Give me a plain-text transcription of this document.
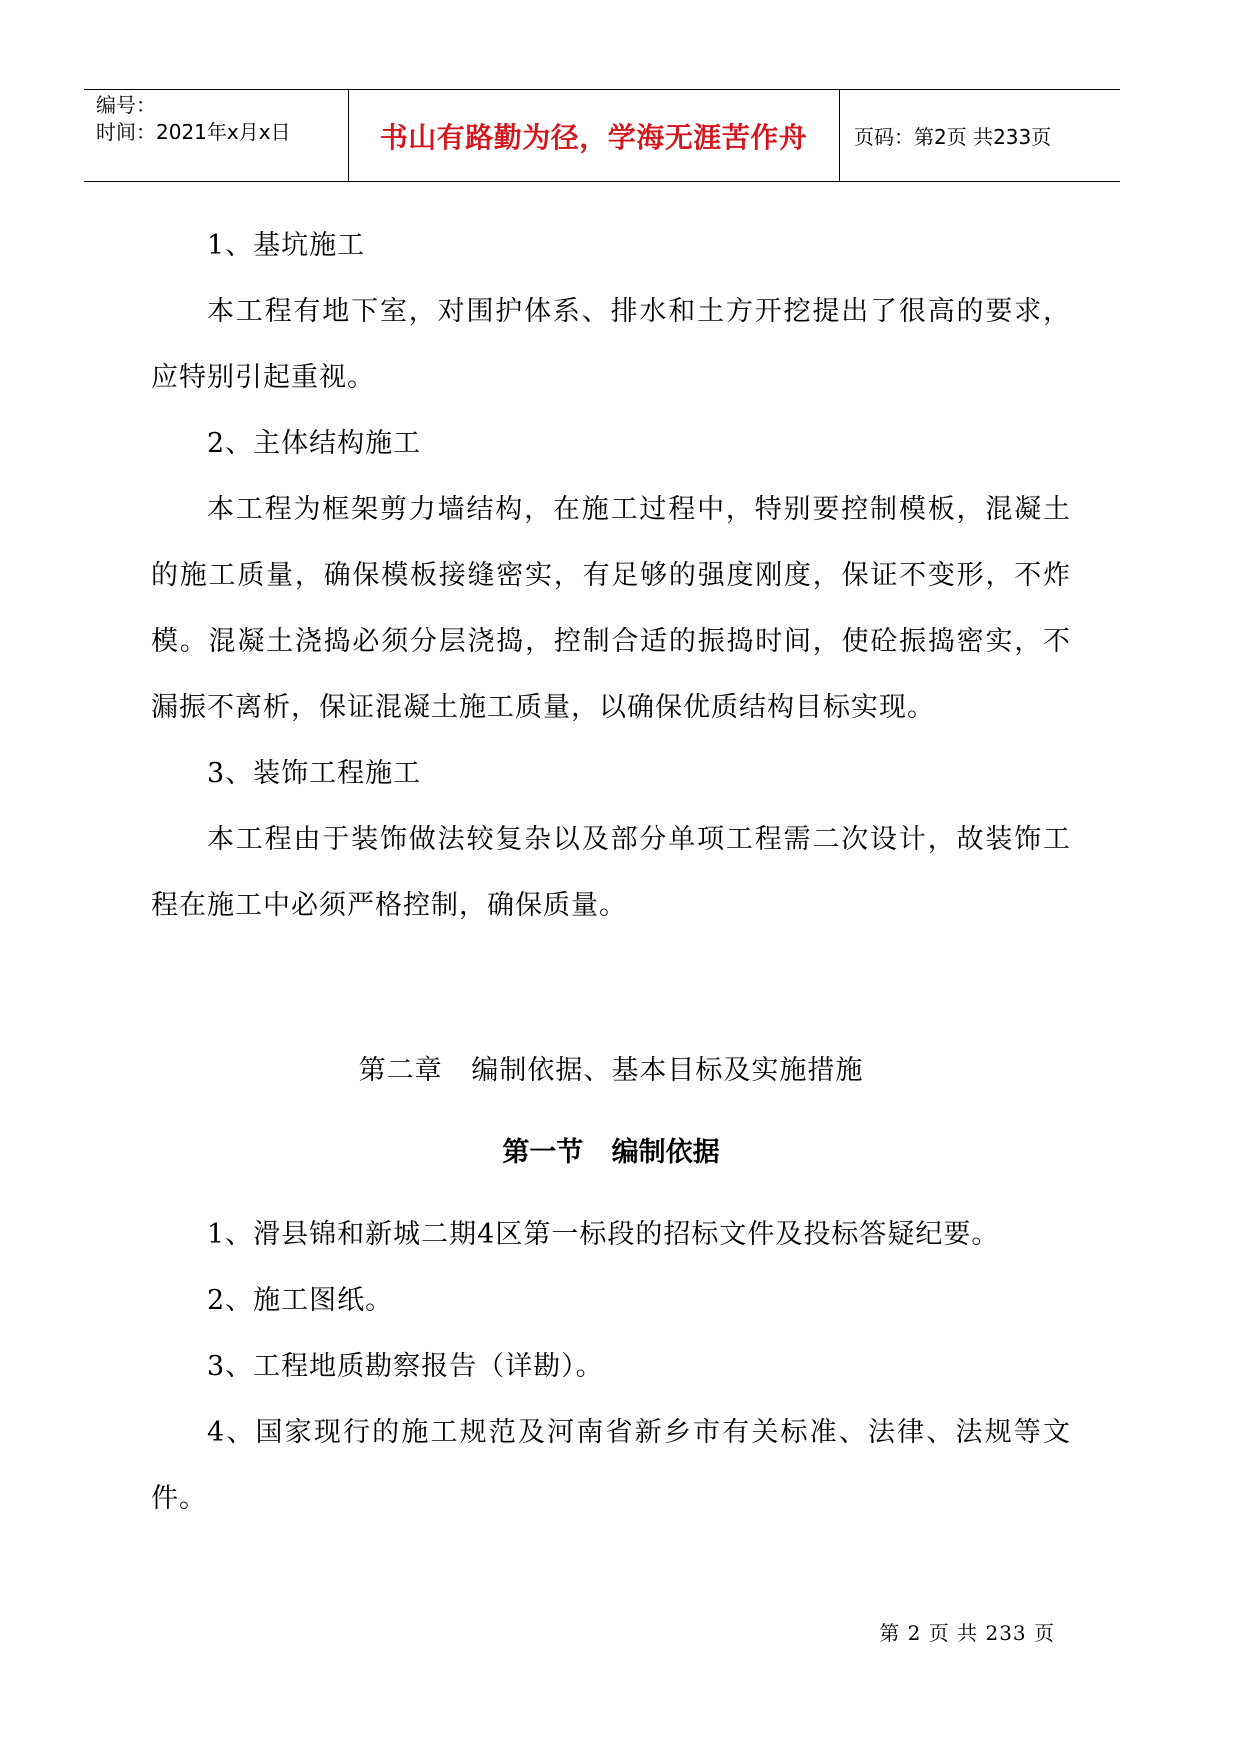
编号：
时间：2021年x月x日	书山有路勤为径，学海无涯苦作舟	页码：第2页 共233页

1、基坑施工

本工程有地下室，对围护体系、排水和土方开挖提出了很高的要求，应特别引起重视。

2、主体结构施工

本工程为框架剪力墙结构，在施工过程中，特别要控制模板，混凝土的施工质量，确保模板接缝密实，有足够的强度刚度，保证不变形，不炸模。混凝土浇捣必须分层浇捣，控制合适的振捣时间，使砼振捣密实，不漏振不离析，保证混凝土施工质量，以确保优质结构目标实现。

3、装饰工程施工

本工程由于装饰做法较复杂以及部分单项工程需二次设计，故装饰工程在施工中必须严格控制，确保质量。

第二章   编制依据、基本目标及实施措施

第一节   编制依据

1、滑县锦和新城二期4区第一标段的招标文件及投标答疑纪要。

2、施工图纸。

3、工程地质勘察报告（详勘）。

4、国家现行的施工规范及河南省新乡市有关标准、法律、法规等文件。

第 2 页 共 233 页
